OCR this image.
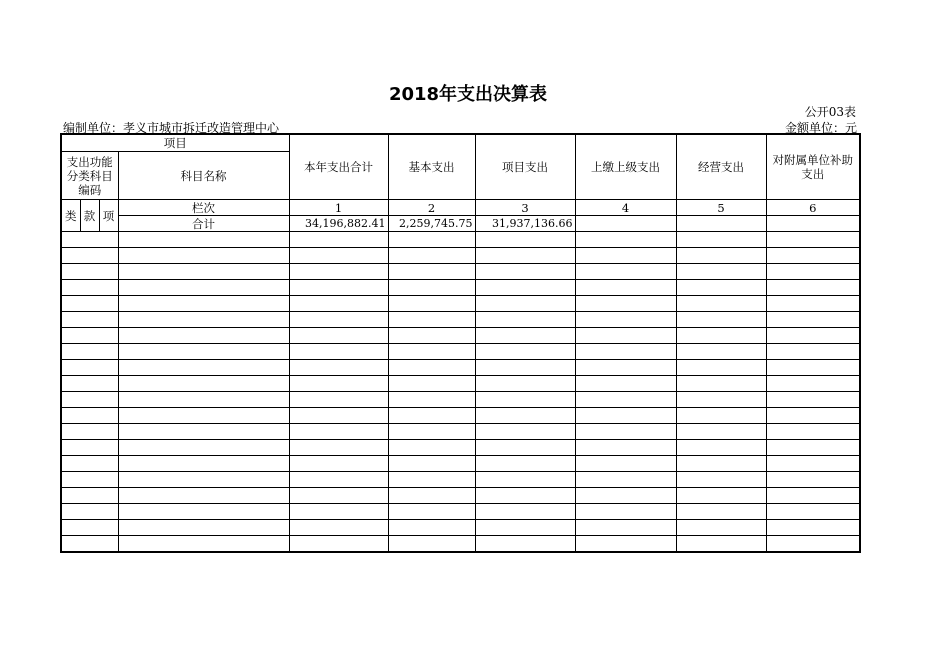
2018年支出决算表
公开03表
编制单位：孝义市城市拆迁改造管理中心	金额单位：元
项目				本年支出合计	基本支出	项目支出	上缴上级支出	经营支出	对附属单位补助支出
支出功能分类科目编码			科目名称						
类	款	项	栏次	1	2	3	4	5	6
			合计	34,196,882.41	2,259,745.75	31,937,136.66			
